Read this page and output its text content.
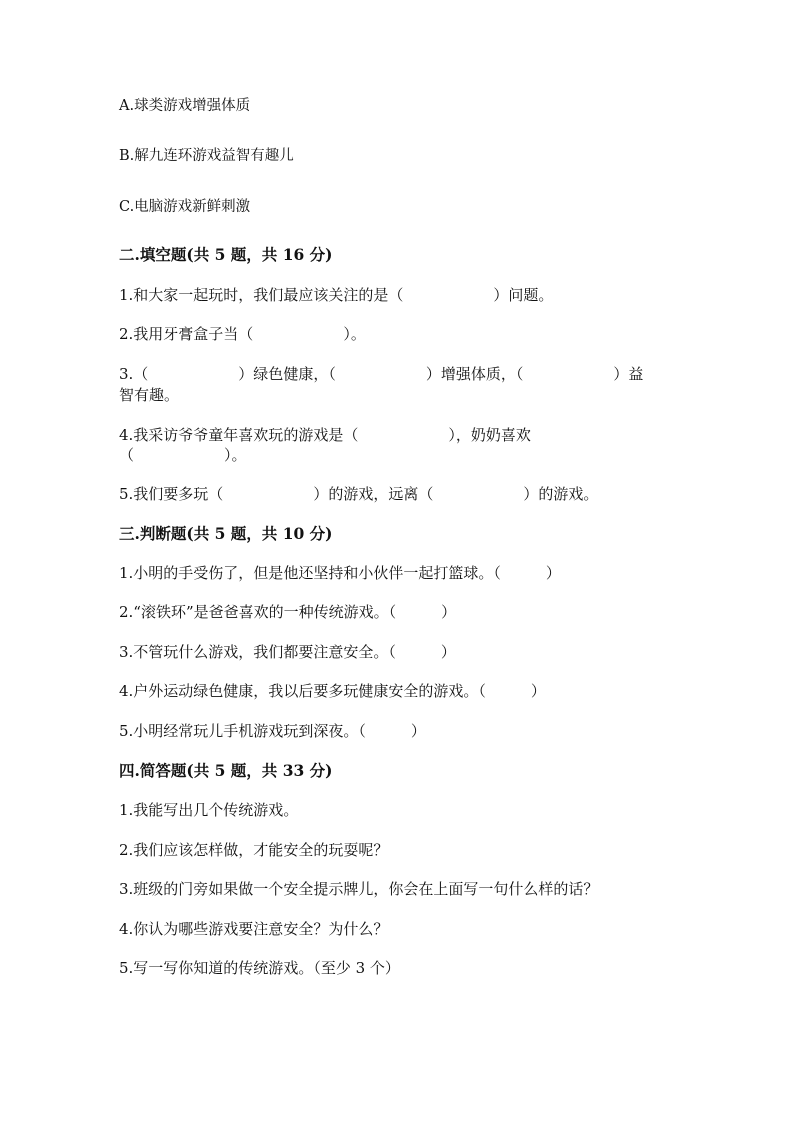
A.球类游戏增强体质
B.解九连环游戏益智有趣儿
C.电脑游戏新鲜刺激
二.填空题(共 5 题，共 16 分)
1.和大家一起玩时，我们最应该关注的是（　　　　　　）问题。
2.我用牙膏盒子当（　　　　　　）。
3.（　　　　　　）绿色健康，（　　　　　　）增强体质，（　　　　　　）益
智有趣。
4.我采访爷爷童年喜欢玩的游戏是（　　　　　　），奶奶喜欢
（　　　　　　）。
5.我们要多玩（　　　　　　）的游戏，远离（　　　　　　）的游戏。
三.判断题(共 5 题，共 10 分)
1.小明的手受伤了，但是他还坚持和小伙伴一起打篮球。（　　　）
2.“滚铁环”是爸爸喜欢的一种传统游戏。（　　　）
3.不管玩什么游戏，我们都要注意安全。（　　　）
4.户外运动绿色健康，我以后要多玩健康安全的游戏。（　　　）
5.小明经常玩儿手机游戏玩到深夜。（　　　）
四.简答题(共 5 题，共 33 分)
1.我能写出几个传统游戏。
2.我们应该怎样做，才能安全的玩耍呢？
3.班级的门旁如果做一个安全提示牌儿，你会在上面写一句什么样的话？
4.你认为哪些游戏要注意安全？为什么？
5.写一写你知道的传统游戏。（至少 3 个）
